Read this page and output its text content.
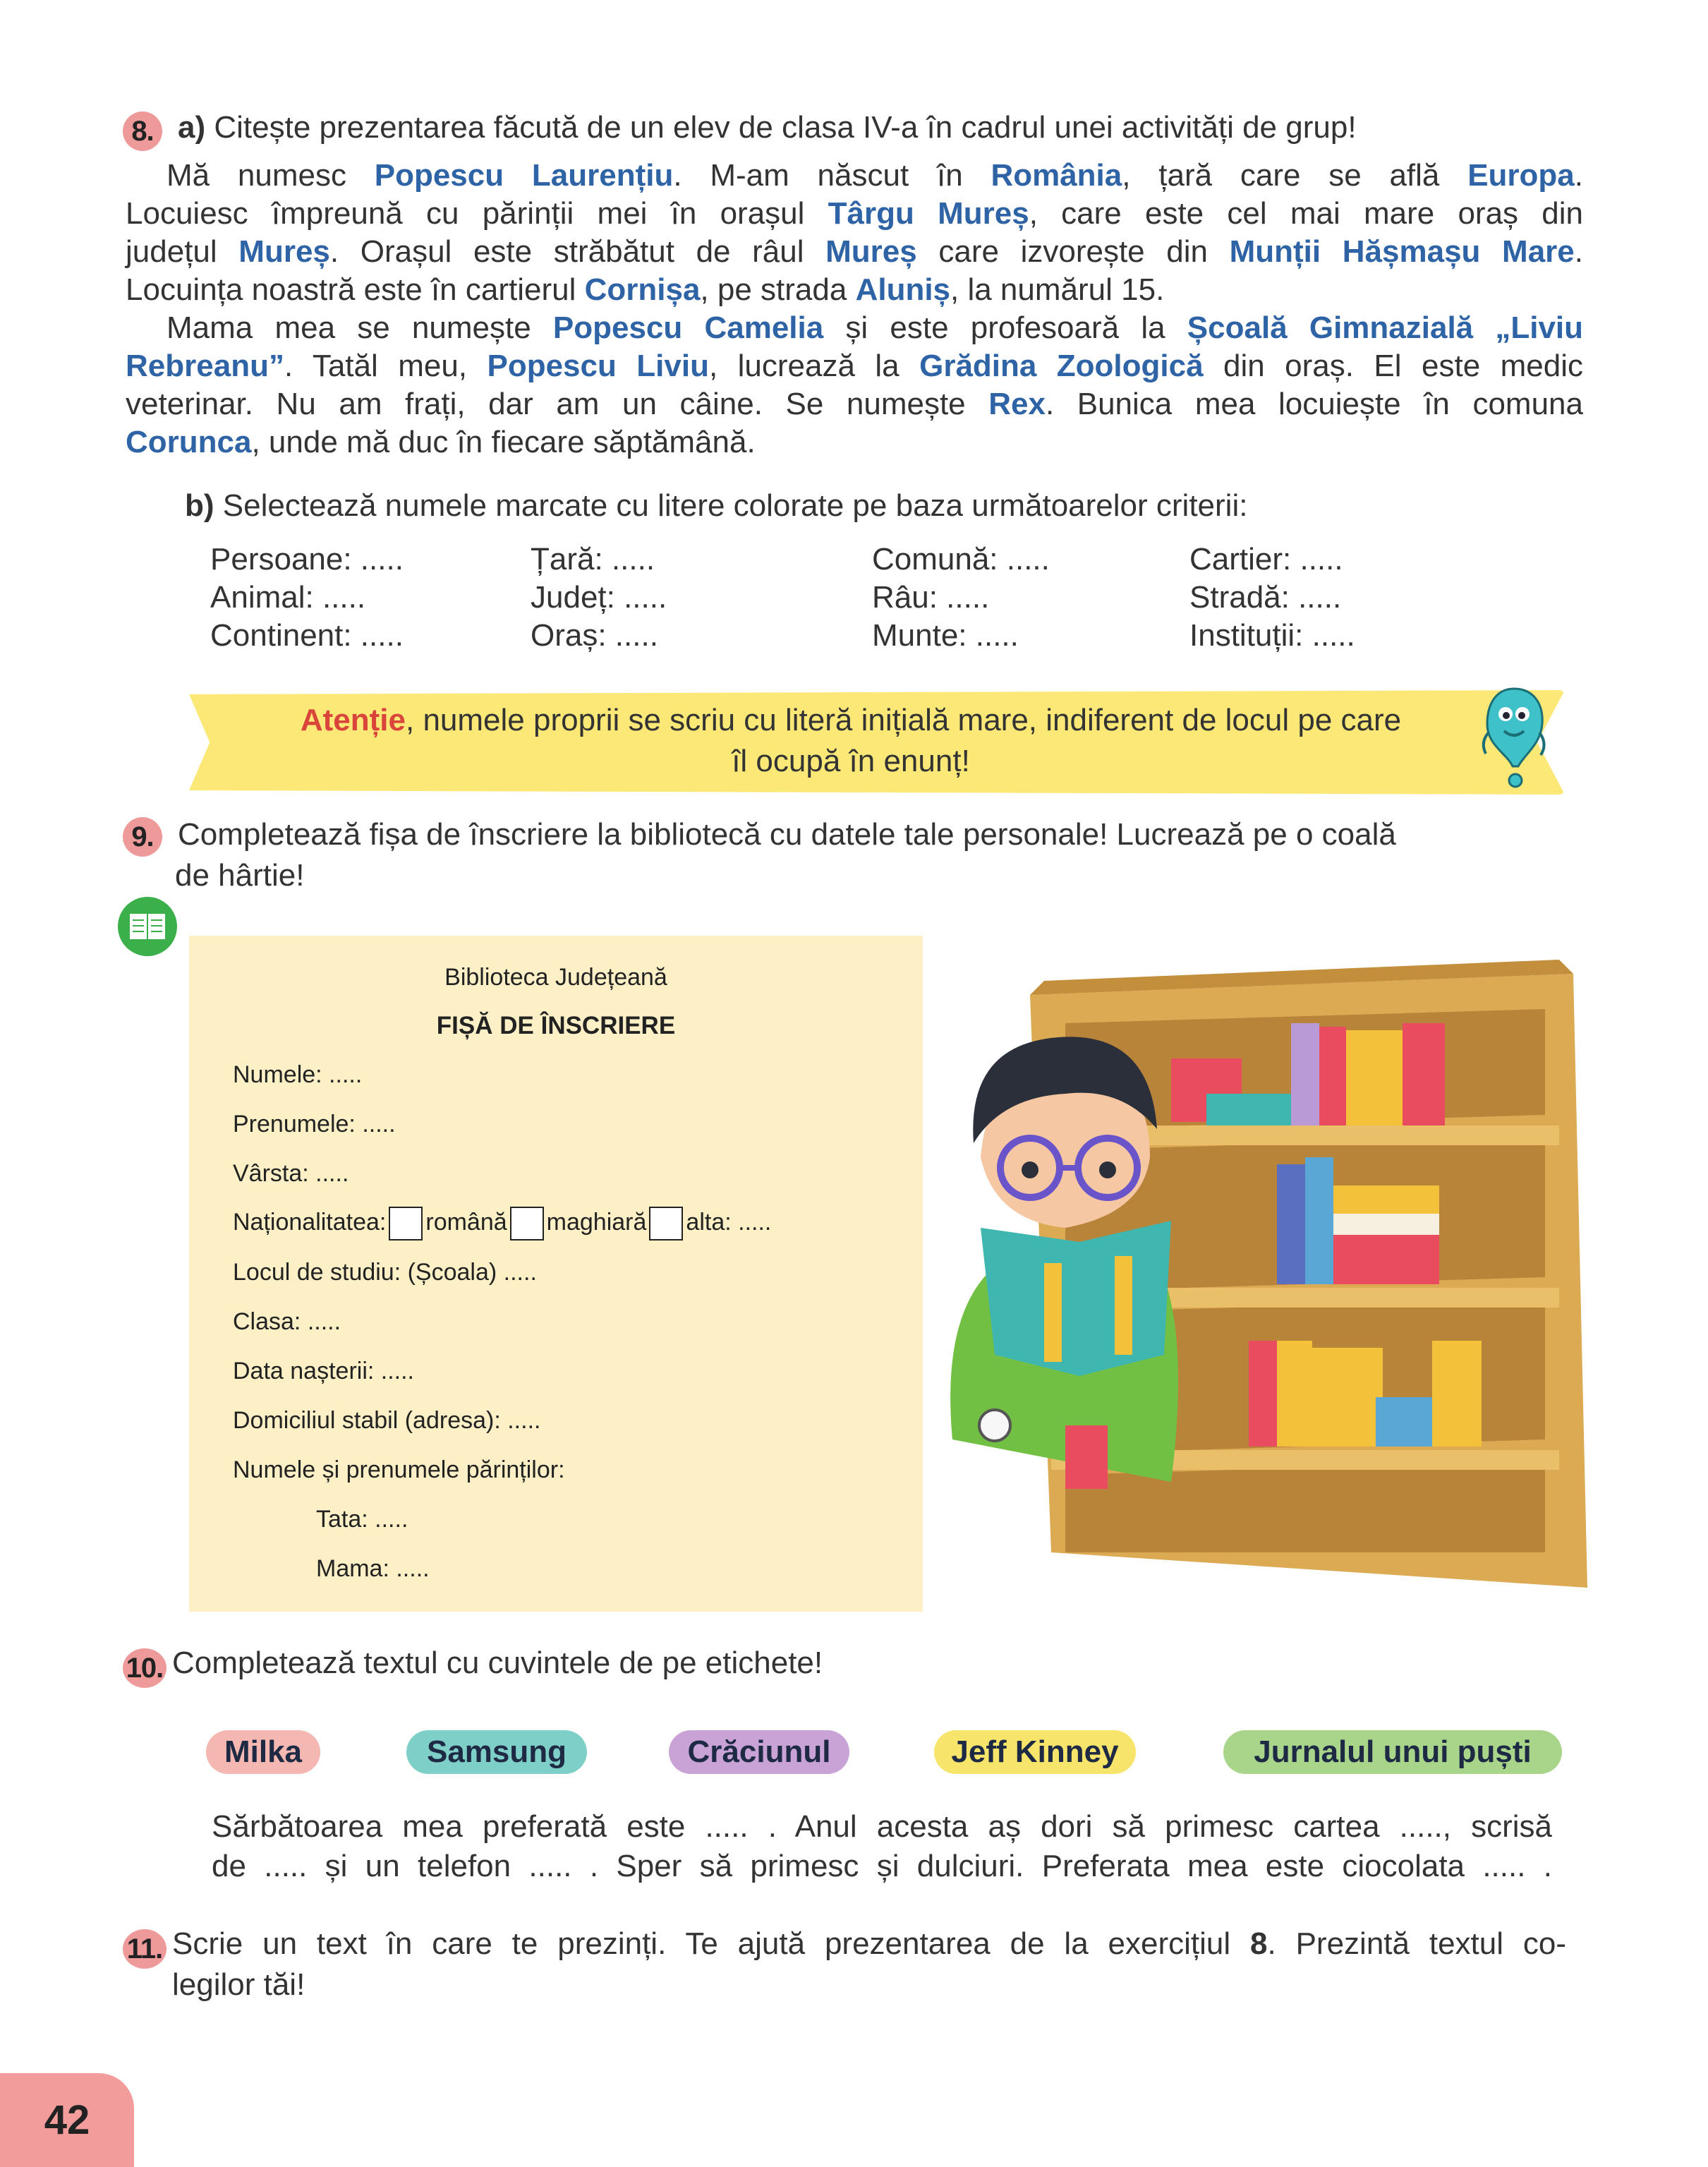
8. a) Citește prezentarea făcută de un elev de clasa IV-a în cadrul unei activități de grup!
Mă numesc Popescu Laurențiu. M-am născut în România, țară care se află Europa.
Locuiesc împreună cu părinții mei în orașul Târgu Mureș, care este cel mai mare oraș din
județul Mureș. Orașul este străbătut de râul Mureș care izvorește din Munții Hășmașu Mare.
Locuința noastră este în cartierul Cornișa, pe strada Aluniș, la numărul 15.
Mama mea se numește Popescu Camelia și este profesoară la Școală Gimnazială „Liviu
Rebreanu”. Tatăl meu, Popescu Liviu, lucrează la Grădina Zoologică din oraș. El este medic
veterinar. Nu am frați, dar am un câine. Se numește Rex. Bunica mea locuiește în comuna
Corunca, unde mă duc în fiecare săptămână.
b) Selectează numele marcate cu litere colorate pe baza următoarelor criterii:
Persoane: .....	Țară: .....	Comună: .....	Cartier: .....
Animal: .....	Județ: .....	Râu: .....	Stradă: .....
Continent: .....	Oraș: .....	Munte: .....	Instituții: .....
Atenție, numele proprii se scriu cu literă inițială mare, indiferent de locul pe care
îl ocupă în enunț!
9. Completează fișa de înscriere la bibliotecă cu datele tale personale! Lucrează pe o coală
de hârtie!
Biblioteca Județeană
FIȘĂ DE ÎNSCRIERE
Numele: .....
Prenumele: .....
Vârsta: .....
Naționalitatea: română maghiară alta: .....
Locul de studiu: (Școala) .....
Clasa: .....
Data nașterii: .....
Domiciliul stabil (adresa): .....
Numele și prenumele părinților:
Tata: .....
Mama: .....
10. Completează textul cu cuvintele de pe etichete!
Milka	Samsung	Crăciunul	Jeff Kinney	Jurnalul unui puști
Sărbătoarea mea preferată este ..... . Anul acesta aș dori să primesc cartea ....., scrisă
de ..... și un telefon ..... . Sper să primesc și dulciuri. Preferata mea este ciocolata ..... .
11. Scrie un text în care te prezinți. Te ajută prezentarea de la exercițiul 8. Prezintă textul co-
legilor tăi!
42
